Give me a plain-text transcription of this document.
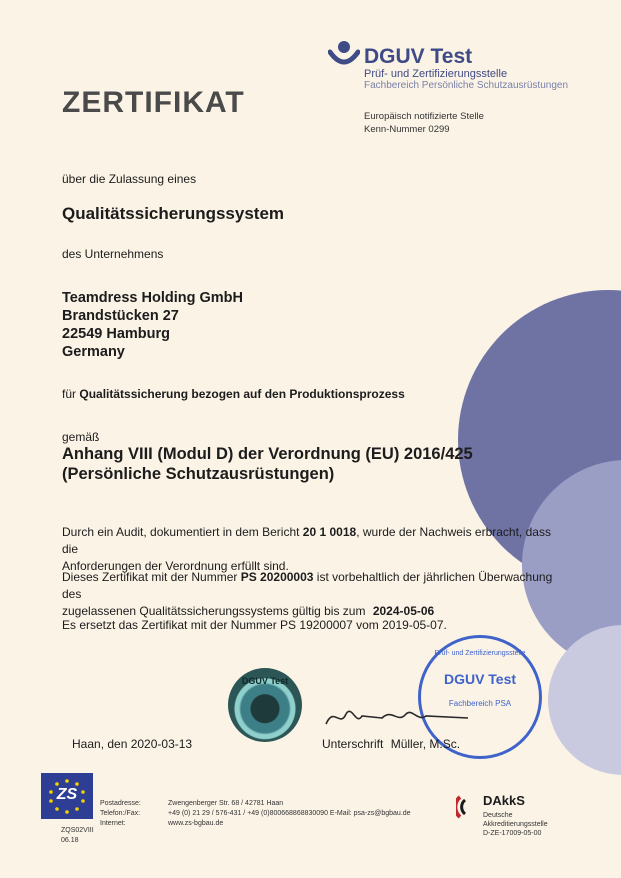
DGUV Test
Prüf- und Zertifizierungsstelle
Fachbereich Persönliche Schutzausrüstungen
Europäisch notifizierte Stelle
Kenn-Nummer 0299
ZERTIFIKAT
über die Zulassung eines
Qualitätssicherungssystem
des Unternehmens
Teamdress Holding GmbH
Brandstücken 27
22549 Hamburg
Germany
für Qualitätssicherung bezogen auf den Produktionsprozess
gemäß
Anhang VIII (Modul D) der Verordnung (EU) 2016/425
(Persönliche Schutzausrüstungen)
Durch ein Audit, dokumentiert in dem Bericht 20 1 0018, wurde der Nachweis erbracht, dass die
Anforderungen der Verordnung erfüllt sind.
Dieses Zertifikat mit der Nummer PS 20200003 ist vorbehaltlich der jährlichen Überwachung des
zugelassenen Qualitätssicherungssystems gültig bis zum 2024-05-06
Es ersetzt das Zertifikat mit der Nummer PS 19200007 vom 2019-05-07.
DGUV Test
Prüf- und Zertifizierungsstelle
DGUV Test
Fachbereich PSA
Haan, den 2020-03-13	Unterschrift Müller, M.Sc.
ZS
ZQS02VIII
06.18
Postadresse:
Telefon:/Fax:
Internet:
Zwengenberger Str. 68 / 42781 Haan
+49 (0) 21 29 / 576-431 / +49 (0)800668868830090 E-Mail: psa-zs@bgbau.de
www.zs-bgbau.de
DAkkS
Deutsche
Akkreditierungsstelle
D-ZE-17009-05-00
